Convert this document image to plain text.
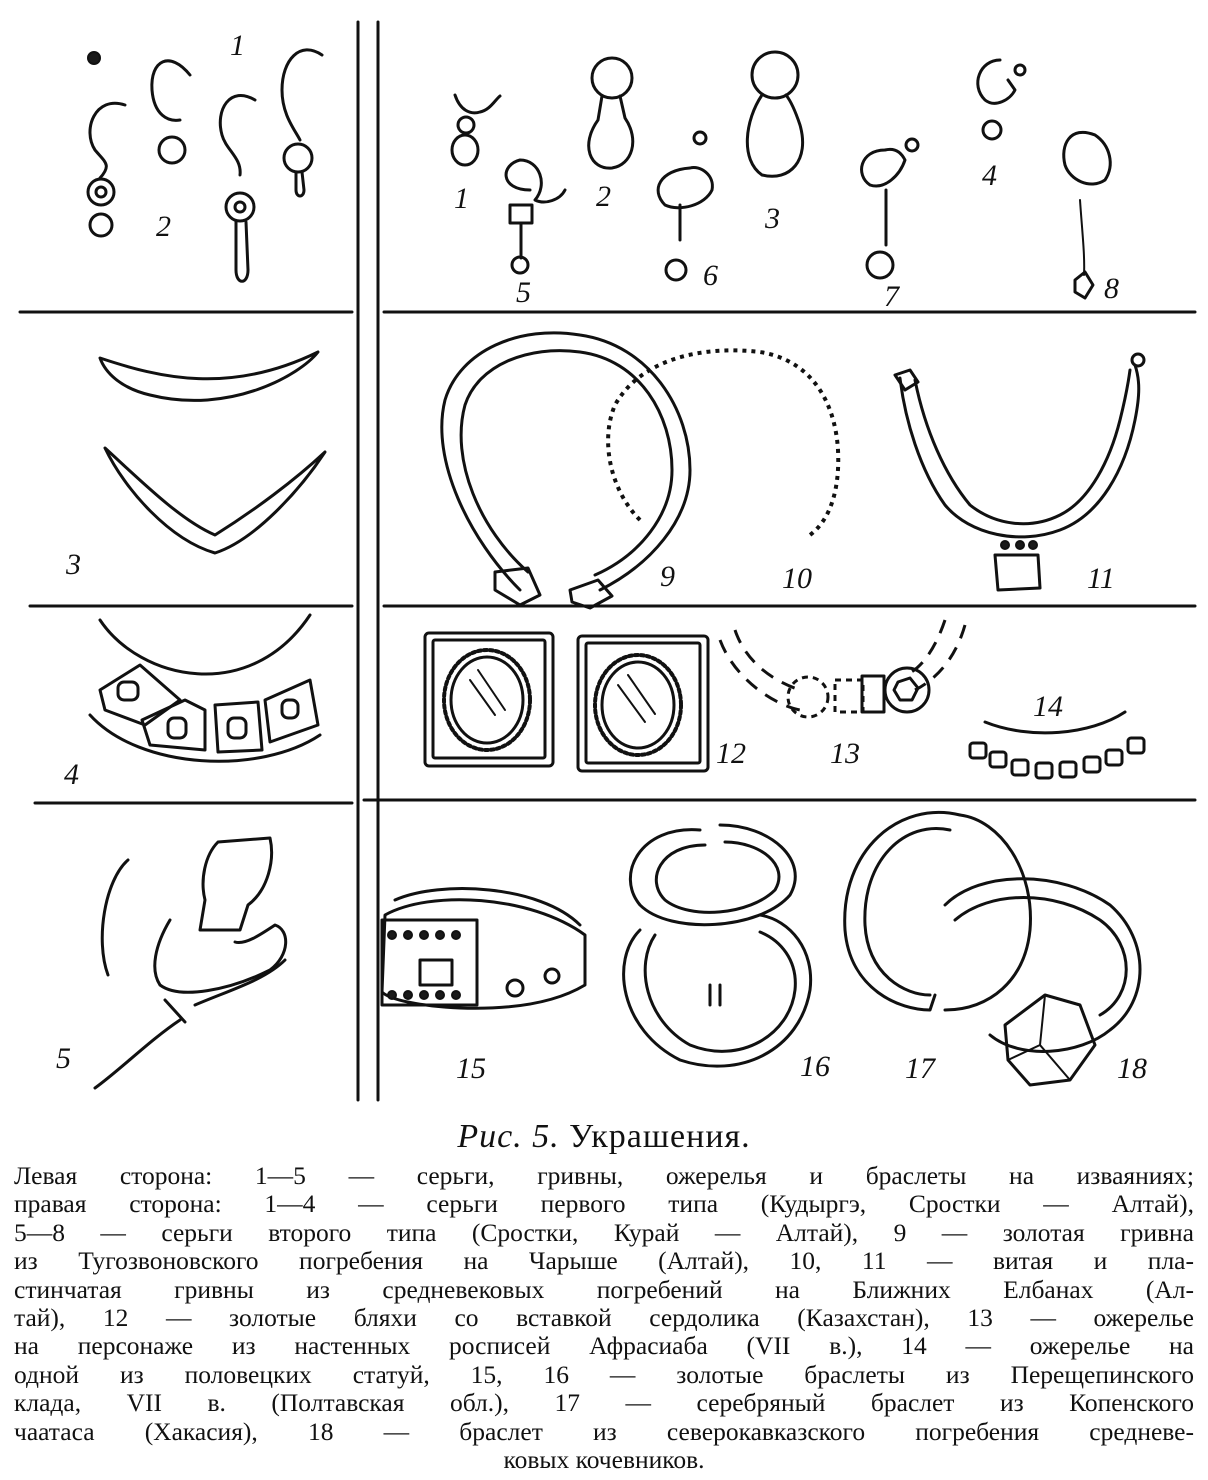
1
2
3
4
5
1	2
3
4
5
6
7	8
9	10	11
12	13
14
15	16	17	18

Рис. 5. Украшения.

Левая сторона: 1—5 — серьги, гривны, ожерелья и браслеты на изваяниях;
правая сторона: 1—4 — серьги первого типа (Кудыргэ, Сростки — Алтай),
5—8 — серьги второго типа (Сростки, Курай — Алтай), 9 — золотая гривна
из Тугозвоновского погребения на Чарыше (Алтай), 10, 11 — витая и пла-
стинчатая гривны из средневековых погребений на Ближних Елбанах (Ал-
тай), 12 — золотые бляхи со вставкой сердолика (Казахстан), 13 — ожерелье
на персонаже из настенных росписей Афрасиаба (VII в.), 14 — ожерелье на
одной из половецких статуй, 15, 16 — золотые браслеты из Перещепинского
клада, VII в. (Полтавская обл.), 17 — серебряный браслет из Копенского
чаатаса (Хакасия), 18 — браслет из северокавказского погребения средневе-
ковых кочевников.
